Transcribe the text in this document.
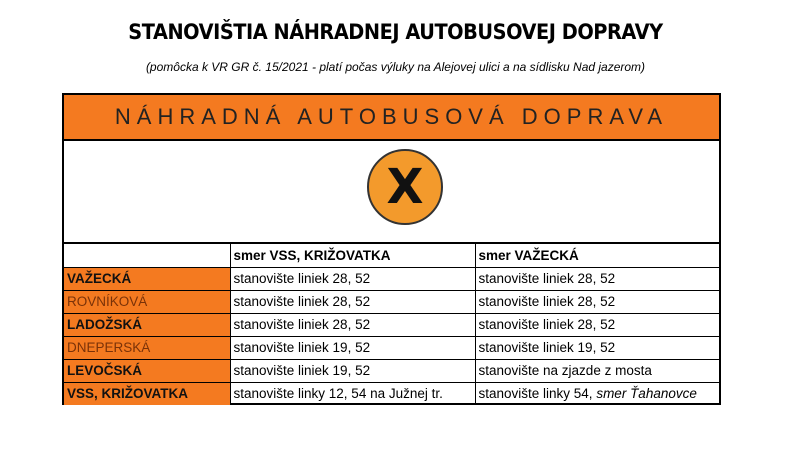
STANOVIŠTIA NÁHRADNEJ AUTOBUSOVEJ DOPRAVY
(pomôcka k VR GR č. 15/2021 - platí počas výluky na Alejovej ulici a na sídlisku Nad jazerom)
NÁHRADNÁ AUTOBUSOVÁ DOPRAVA
X
	smer VSS, KRIŽOVATKA	smer VAŽECKÁ
VAŽECKÁ	stanovište liniek 28, 52	stanovište liniek 28, 52
ROVNÍKOVÁ	stanovište liniek 28, 52	stanovište liniek 28, 52
LADOŽSKÁ	stanovište liniek 28, 52	stanovište liniek 28, 52
DNEPERSKÁ	stanovište liniek 19, 52	stanovište liniek 19, 52
LEVOČSKÁ	stanovište liniek 19, 52	stanovište na zjazde z mosta
VSS, KRIŽOVATKA	stanovište linky 12, 54 na Južnej tr.	stanovište linky 54, smer Ťahanovce
